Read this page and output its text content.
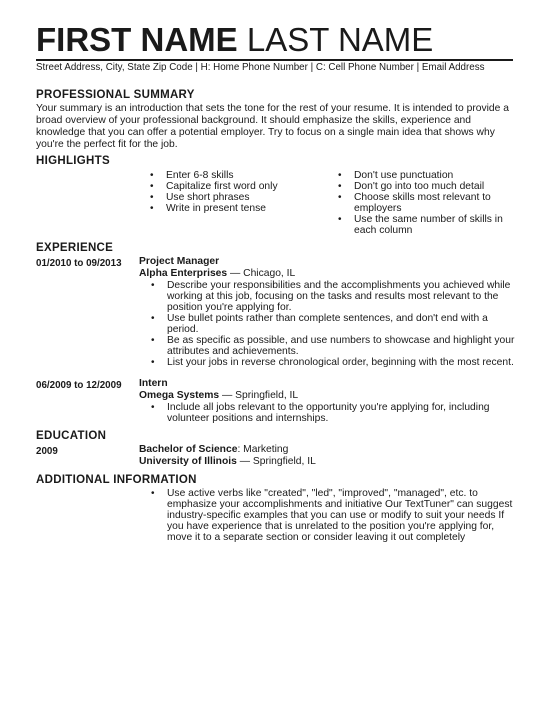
FIRST NAME LAST NAME
Street Address, City, State Zip Code | H: Home Phone Number | C: Cell Phone Number | Email Address
PROFESSIONAL SUMMARY
Your summary is an introduction that sets the tone for the rest of your resume. It is intended to provide a broad overview of your professional background. It should emphasize the skills, experience and knowledge that you can offer a potential employer. Try to focus on a single main idea that shows why you're the perfect fit for the job.
HIGHLIGHTS
• Enter 6-8 skills
• Capitalize first word only
• Use short phrases
• Write in present tense
• Don't use punctuation
• Don't go into too much detail
• Choose skills most relevant to employers
• Use the same number of skills in each column
EXPERIENCE
01/2010 to 09/2013 Project Manager
Alpha Enterprises — Chicago, IL
• Describe your responsibilities and the accomplishments you achieved while working at this job, focusing on the tasks and results most relevant to the position you're applying for.
• Use bullet points rather than complete sentences, and don't end with a period.
• Be as specific as possible, and use numbers to showcase and highlight your attributes and achievements.
• List your jobs in reverse chronological order, beginning with the most recent.
06/2009 to 12/2009 Intern
Omega Systems — Springfield, IL
• Include all jobs relevant to the opportunity you're applying for, including volunteer positions and internships.
EDUCATION
2009	Bachelor of Science: Marketing
University of Illinois — Springfield, IL
ADDITIONAL INFORMATION
• Use active verbs like "created", "led", "improved", "managed", etc. to emphasize your accomplishments and initiative Our TextTuner" can suggest industry-specific examples that you can use or modify to suit your needs If you have experience that is unrelated to the position you're applying for, move it to a separate section or consider leaving it out completely
